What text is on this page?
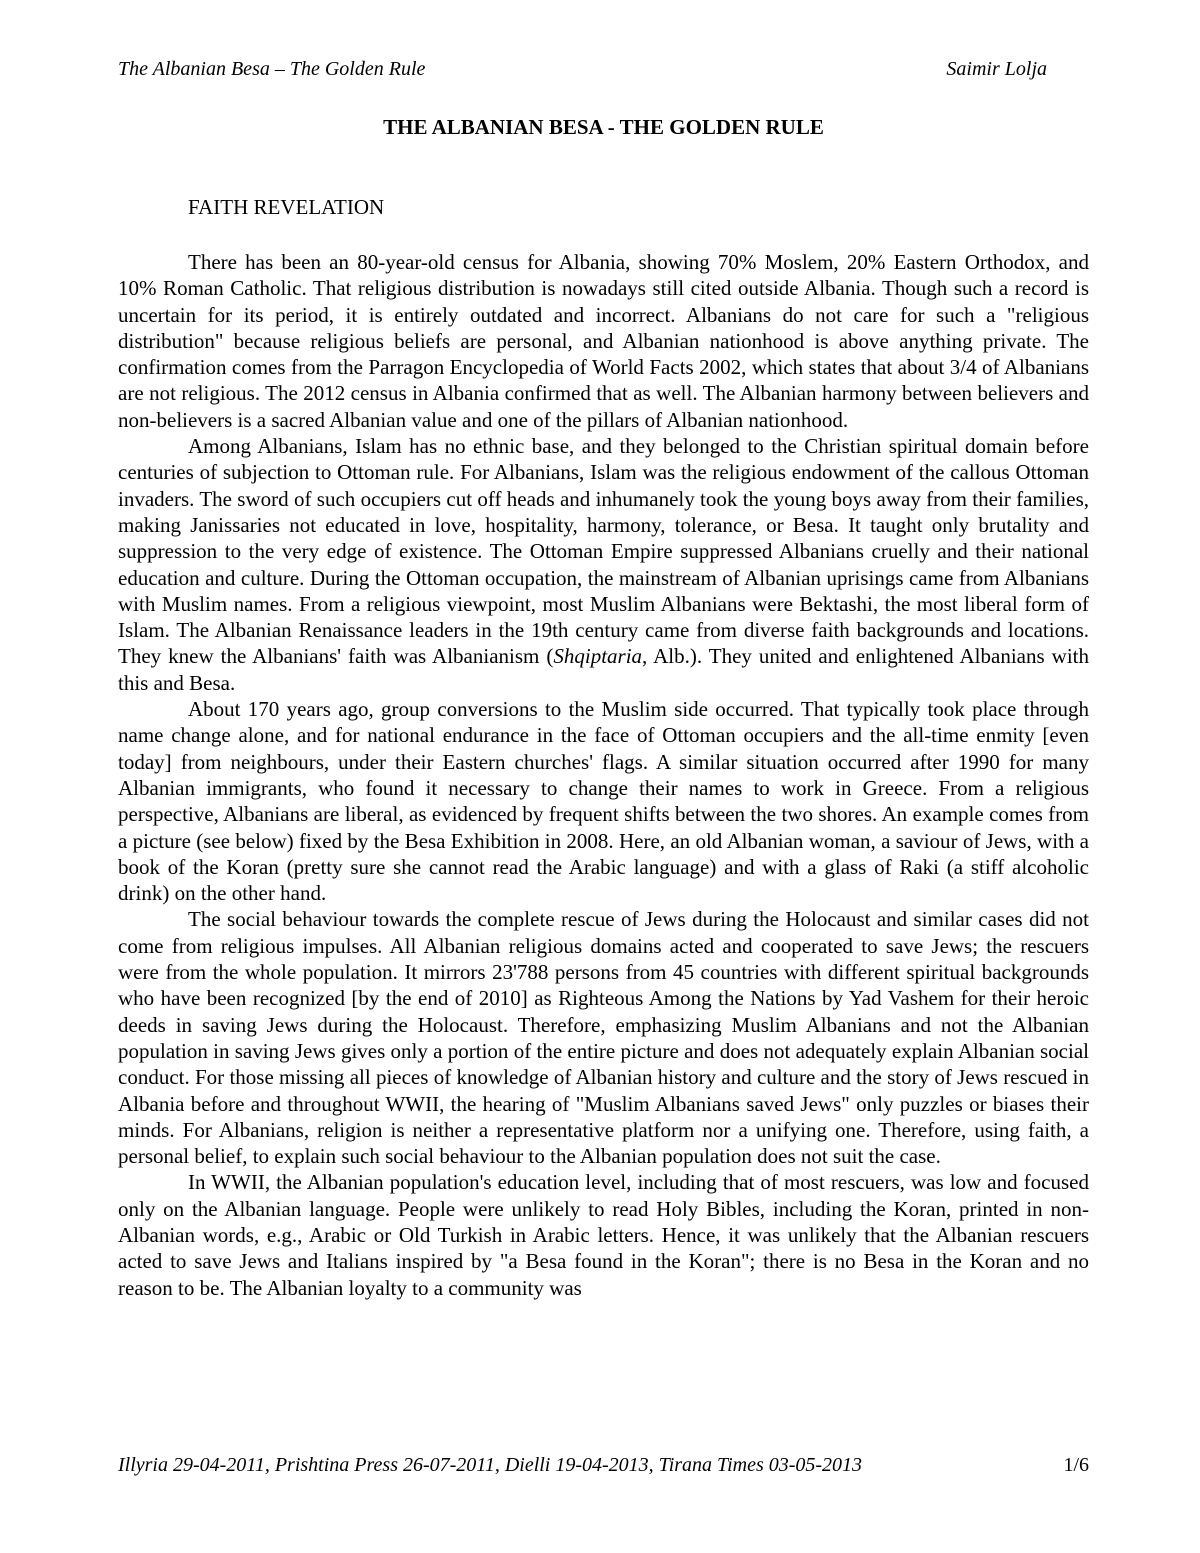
The Albanian Besa – The Golden Rule	Saimir Lolja
THE ALBANIAN BESA - THE GOLDEN RULE
FAITH REVELATION

There has been an 80-year-old census for Albania, showing 70% Moslem, 20% Eastern Orthodox, and 10% Roman Catholic. That religious distribution is nowadays still cited outside Albania. Though such a record is uncertain for its period, it is entirely outdated and incorrect. Albanians do not care for such a "religious distribution" because religious beliefs are personal, and Albanian nationhood is above anything private. The confirmation comes from the Parragon Encyclopedia of World Facts 2002, which states that about 3/4 of Albanians are not religious. The 2012 census in Albania confirmed that as well. The Albanian harmony between believers and non-believers is a sacred Albanian value and one of the pillars of Albanian nationhood.

Among Albanians, Islam has no ethnic base, and they belonged to the Christian spiritual domain before centuries of subjection to Ottoman rule. For Albanians, Islam was the religious endowment of the callous Ottoman invaders. The sword of such occupiers cut off heads and inhumanely took the young boys away from their families, making Janissaries not educated in love, hospitality, harmony, tolerance, or Besa. It taught only brutality and suppression to the very edge of existence. The Ottoman Empire suppressed Albanians cruelly and their national education and culture. During the Ottoman occupation, the mainstream of Albanian uprisings came from Albanians with Muslim names. From a religious viewpoint, most Muslim Albanians were Bektashi, the most liberal form of Islam. The Albanian Renaissance leaders in the 19th century came from diverse faith backgrounds and locations. They knew the Albanians' faith was Albanianism (Shqiptaria, Alb.). They united and enlightened Albanians with this and Besa.

About 170 years ago, group conversions to the Muslim side occurred. That typically took place through name change alone, and for national endurance in the face of Ottoman occupiers and the all-time enmity [even today] from neighbours, under their Eastern churches' flags. A similar situation occurred after 1990 for many Albanian immigrants, who found it necessary to change their names to work in Greece. From a religious perspective, Albanians are liberal, as evidenced by frequent shifts between the two shores. An example comes from a picture (see below) fixed by the Besa Exhibition in 2008. Here, an old Albanian woman, a saviour of Jews, with a book of the Koran (pretty sure she cannot read the Arabic language) and with a glass of Raki (a stiff alcoholic drink) on the other hand.

The social behaviour towards the complete rescue of Jews during the Holocaust and similar cases did not come from religious impulses. All Albanian religious domains acted and cooperated to save Jews; the rescuers were from the whole population. It mirrors 23'788 persons from 45 countries with different spiritual backgrounds who have been recognized [by the end of 2010] as Righteous Among the Nations by Yad Vashem for their heroic deeds in saving Jews during the Holocaust. Therefore, emphasizing Muslim Albanians and not the Albanian population in saving Jews gives only a portion of the entire picture and does not adequately explain Albanian social conduct. For those missing all pieces of knowledge of Albanian history and culture and the story of Jews rescued in Albania before and throughout WWII, the hearing of "Muslim Albanians saved Jews" only puzzles or biases their minds. For Albanians, religion is neither a representative platform nor a unifying one. Therefore, using faith, a personal belief, to explain such social behaviour to the Albanian population does not suit the case.

In WWII, the Albanian population's education level, including that of most rescuers, was low and focused only on the Albanian language. People were unlikely to read Holy Bibles, including the Koran, printed in non-Albanian words, e.g., Arabic or Old Turkish in Arabic letters. Hence, it was unlikely that the Albanian rescuers acted to save Jews and Italians inspired by "a Besa found in the Koran"; there is no Besa in the Koran and no reason to be. The Albanian loyalty to a community was

Illyria 29-04-2011, Prishtina Press 26-07-2011, Dielli 19-04-2013, Tirana Times 03-05-2013	1/6
